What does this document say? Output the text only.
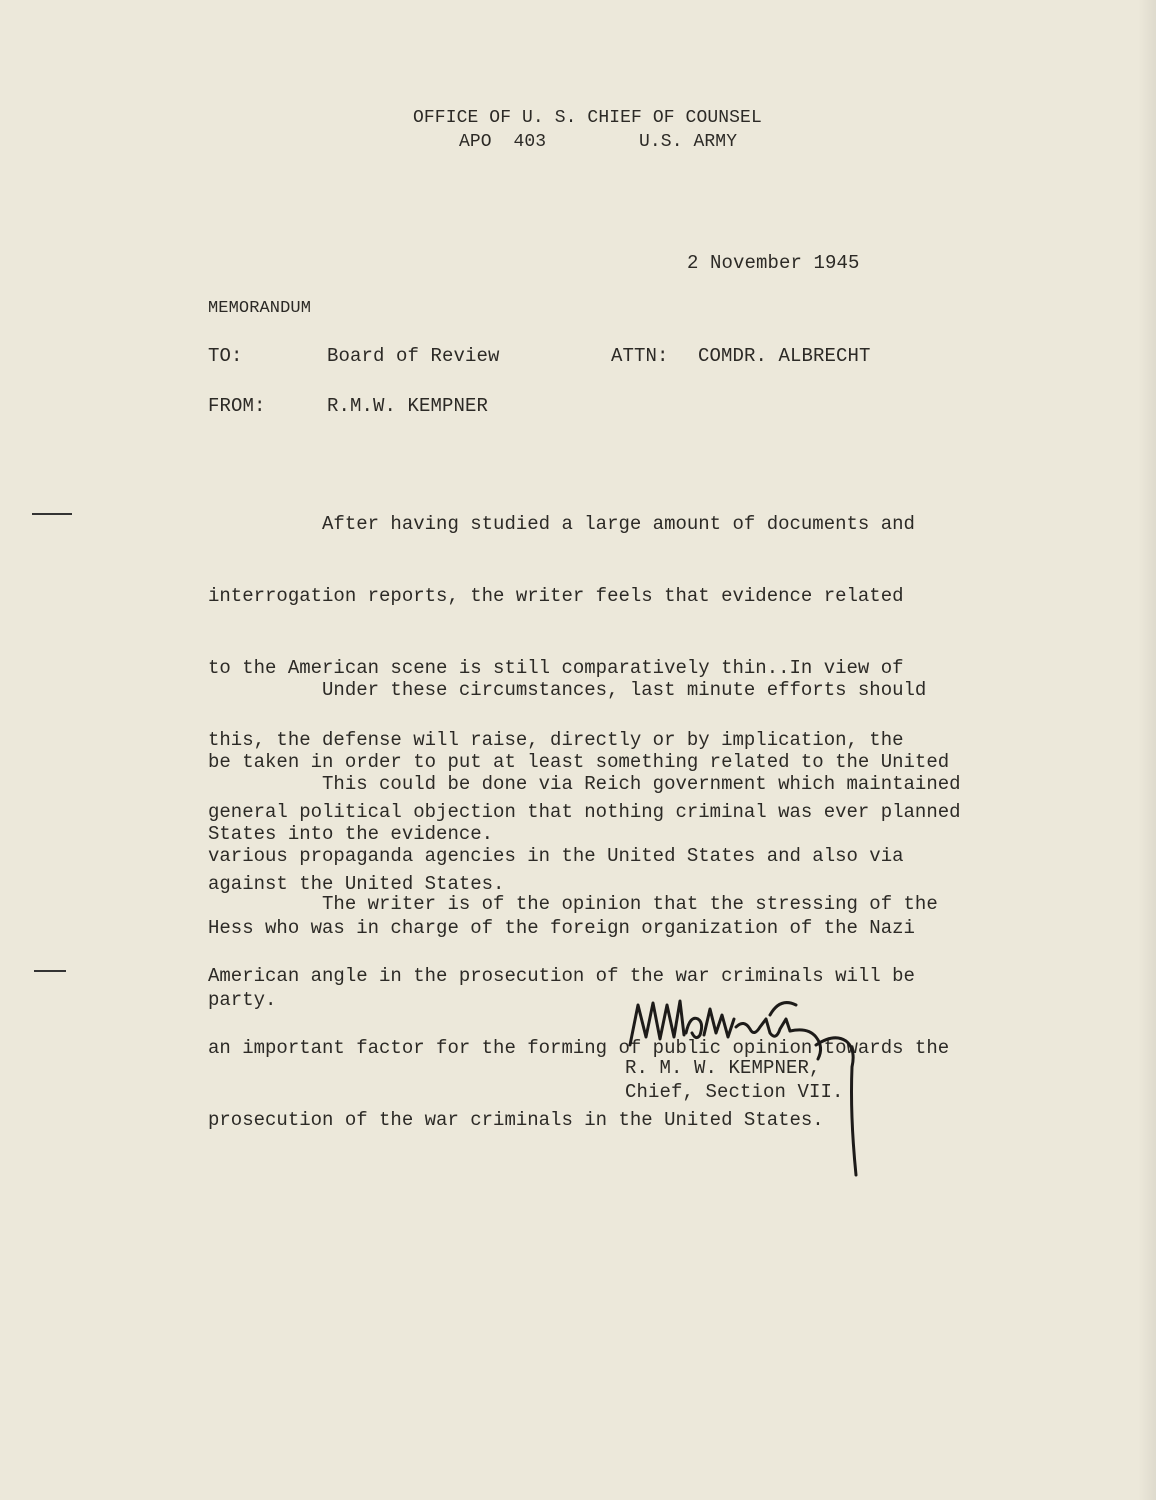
OFFICE OF U. S. CHIEF OF COUNSEL
APO  403	U.S. ARMY
2 November 1945
MEMORANDUM
TO:	Board of Review	ATTN: COMDR. ALBRECHT
FROM:	R.M.W. KEMPNER

After having studied a large amount of documents and

interrogation reports, the writer feels that evidence related

to the American scene is still comparatively thin..In view of

this, the defense will raise, directly or by implication, the

general political objection that nothing criminal was ever planned

against the United States.

Under these circumstances, last minute efforts should

be taken in order to put at least something related to the United

States into the evidence.

This could be done via Reich government which maintained

various propaganda agencies in the United States and also via

Hess who was in charge of the foreign organization of the Nazi

party.

The writer is of the opinion that the stressing of the

American angle in the prosecution of the war criminals will be

an important factor for the forming of public opinion towards the

prosecution of the war criminals in the United States.

R. M. W. KEMPNER,
Chief, Section VII.
